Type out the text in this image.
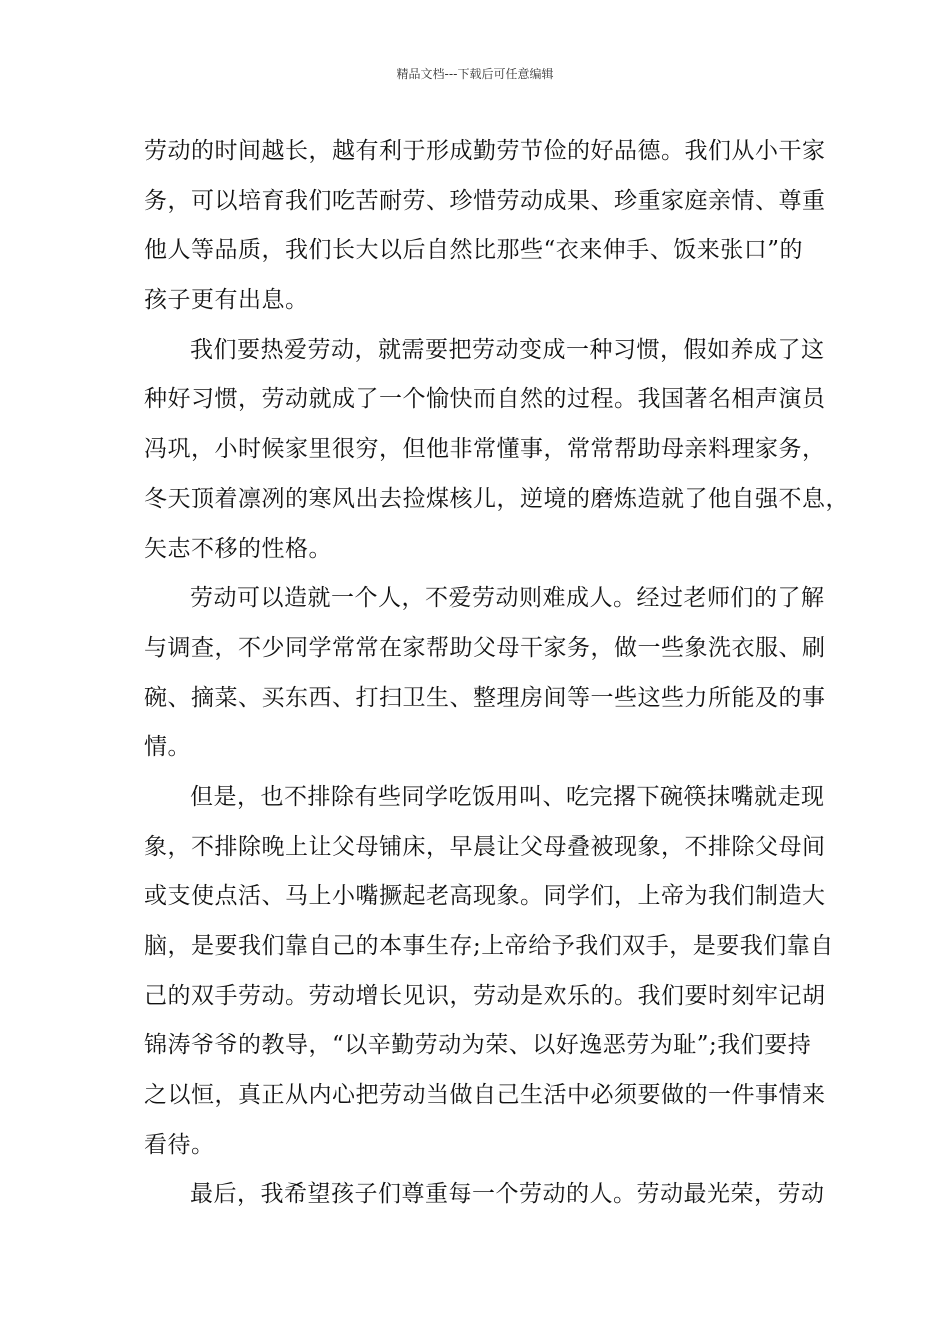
精品文档---下载后可任意编辑
劳动的时间越长，越有利于形成勤劳节俭的好品德。我们从小干家
务，可以培育我们吃苦耐劳、珍惜劳动成果、珍重家庭亲情、尊重
他人等品质，我们长大以后自然比那些“衣来伸手、饭来张口”的
孩子更有出息。
我们要热爱劳动，就需要把劳动变成一种习惯，假如养成了这
种好习惯，劳动就成了一个愉快而自然的过程。我国著名相声演员
冯巩，小时候家里很穷，但他非常懂事，常常帮助母亲料理家务，
冬天顶着凛冽的寒风出去捡煤核儿，逆境的磨炼造就了他自强不息，
矢志不移的性格。
劳动可以造就一个人，不爱劳动则难成人。经过老师们的了解
与调查，不少同学常常在家帮助父母干家务，做一些象洗衣服、刷
碗、摘菜、买东西、打扫卫生、整理房间等一些这些力所能及的事
情。
但是，也不排除有些同学吃饭用叫、吃完撂下碗筷抹嘴就走现
象，不排除晚上让父母铺床，早晨让父母叠被现象，不排除父母间
或支使点活、马上小嘴撅起老高现象。同学们，上帝为我们制造大
脑，是要我们靠自己的本事生存;上帝给予我们双手，是要我们靠自
己的双手劳动。劳动增长见识，劳动是欢乐的。我们要时刻牢记胡
锦涛爷爷的教导，“以辛勤劳动为荣、以好逸恶劳为耻”;我们要持
之以恒，真正从内心把劳动当做自己生活中必须要做的一件事情来
看待。
最后，我希望孩子们尊重每一个劳动的人。劳动最光荣，劳动
